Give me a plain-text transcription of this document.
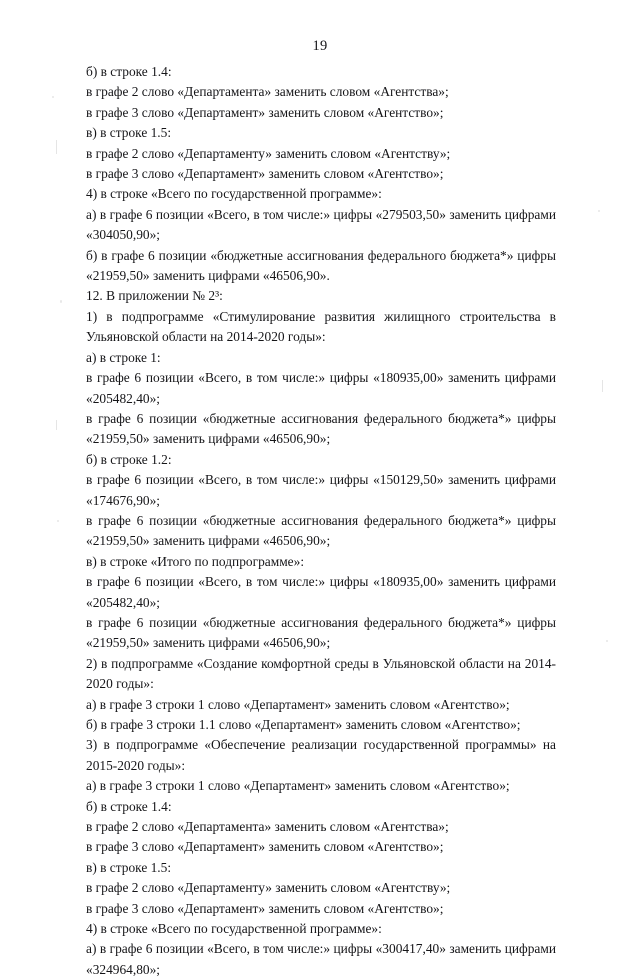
19

б) в строке 1.4:

в графе 2 слово «Департамента» заменить словом «Агентства»;

в графе 3 слово «Департамент» заменить словом «Агентство»;

в) в строке 1.5:

в графе 2 слово «Департаменту» заменить словом «Агентству»;

в графе 3 слово «Департамент» заменить словом «Агентство»;

4) в строке «Всего по государственной программе»:

а) в графе 6 позиции «Всего, в том числе:» цифры «279503,50» заменить цифрами «304050,90»;

б) в графе 6 позиции «бюджетные ассигнования федерального бюджета*» цифры «21959,50» заменить цифрами «46506,90».

12. В приложении № 2³:

1) в подпрограмме «Стимулирование развития жилищного строительства в Ульяновской области на 2014-2020 годы»:

а) в строке 1:

в графе 6 позиции «Всего, в том числе:» цифры «180935,00» заменить цифрами «205482,40»;

в графе 6 позиции «бюджетные ассигнования федерального бюджета*» цифры «21959,50» заменить цифрами «46506,90»;

б) в строке 1.2:

в графе 6 позиции «Всего, в том числе:» цифры «150129,50» заменить цифрами «174676,90»;

в графе 6 позиции «бюджетные ассигнования федерального бюджета*» цифры «21959,50» заменить цифрами «46506,90»;

в) в строке «Итого по подпрограмме»:

в графе 6 позиции «Всего, в том числе:» цифры «180935,00» заменить цифрами «205482,40»;

в графе 6 позиции «бюджетные ассигнования федерального бюджета*» цифры «21959,50» заменить цифрами «46506,90»;

2) в подпрограмме «Создание комфортной среды в Ульяновской области на 2014-2020 годы»:

а) в графе 3 строки 1 слово «Департамент» заменить словом «Агентство»;

б) в графе 3 строки 1.1 слово «Департамент» заменить словом «Агентство»;

3) в подпрограмме «Обеспечение реализации государственной программы» на 2015-2020 годы»:

а) в графе 3 строки 1 слово «Департамент» заменить словом «Агентство»;

б) в строке 1.4:

в графе 2 слово «Департамента» заменить словом «Агентства»;

в графе 3 слово «Департамент» заменить словом «Агентство»;

в) в строке 1.5:

в графе 2 слово «Департаменту» заменить словом «Агентству»;

в графе 3 слово «Департамент» заменить словом «Агентство»;

4) в строке «Всего по государственной программе»:

а) в графе 6 позиции «Всего, в том числе:» цифры «300417,40» заменить цифрами «324964,80»;
